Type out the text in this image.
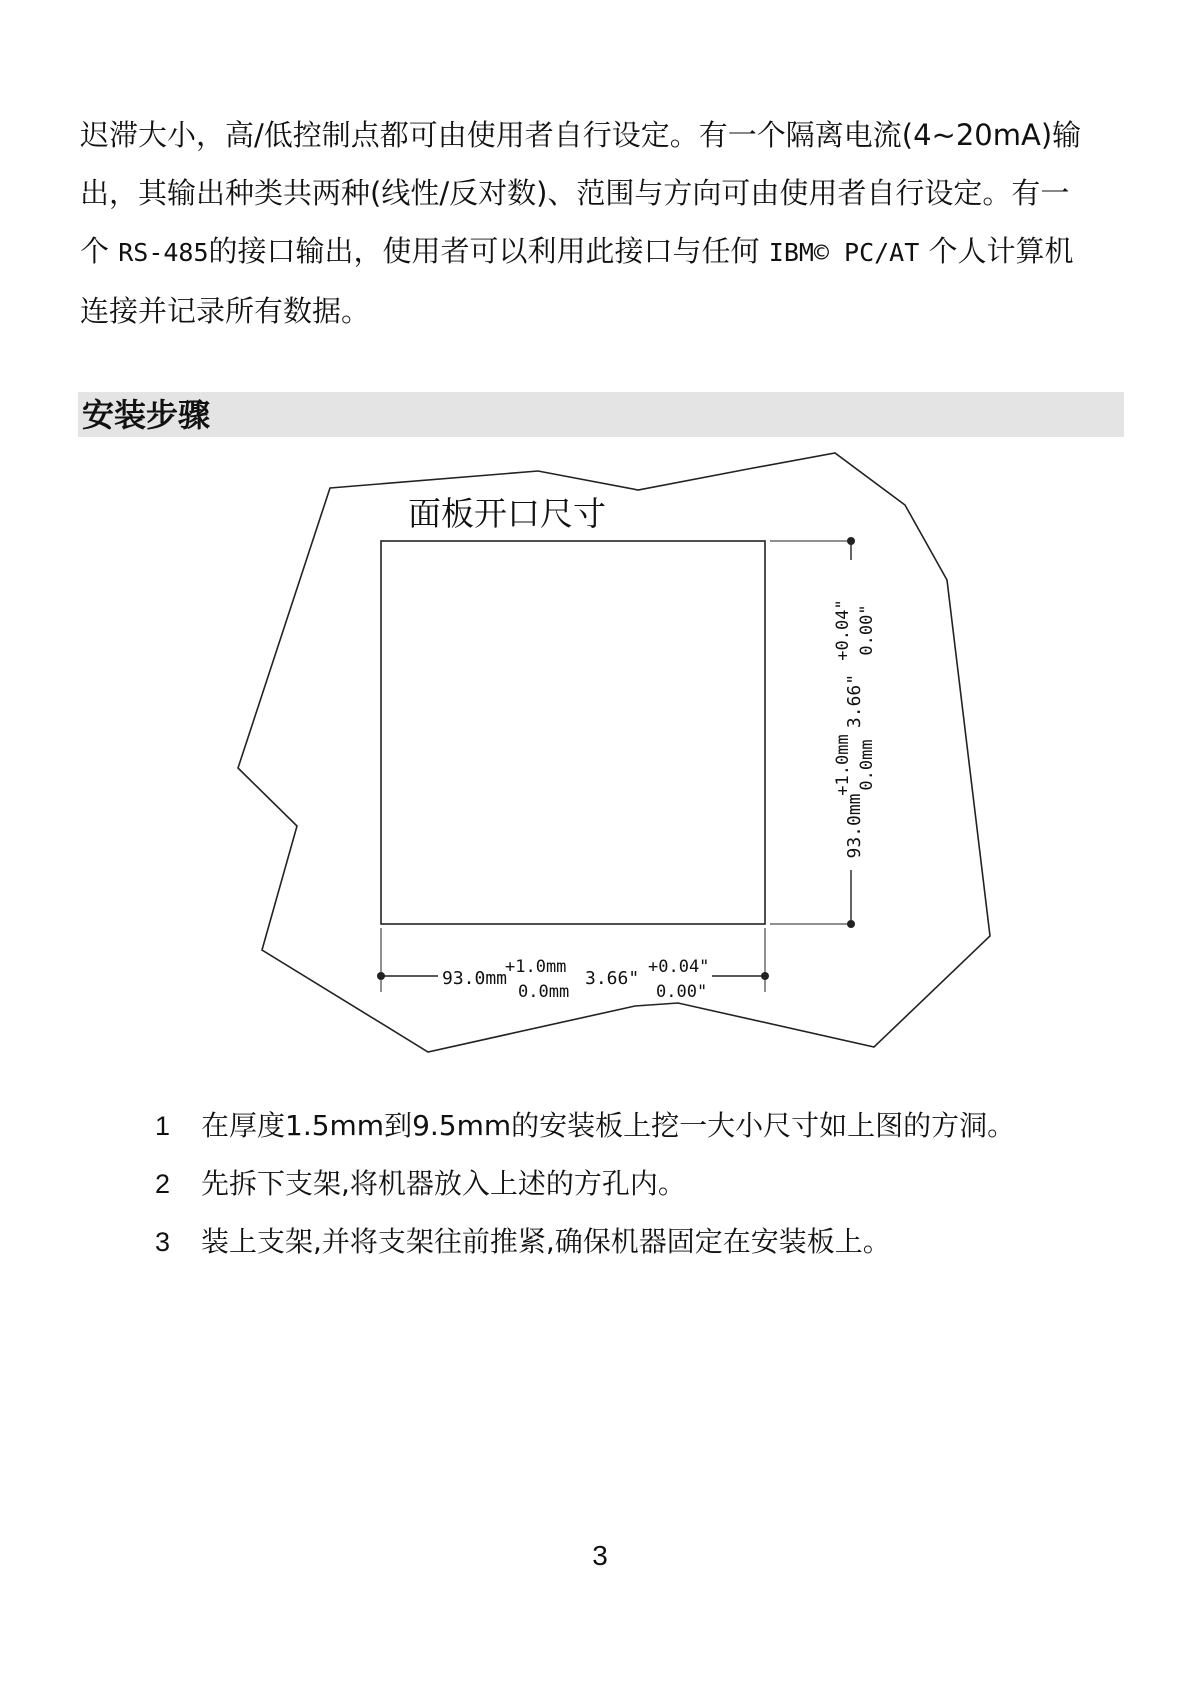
迟滞大小，高/低控制点都可由使用者自行设定。有一个隔离电流(4~20mA)输
出，其输出种类共两种(线性/反对数)、范围与方向可由使用者自行设定。有一
个 RS-485的接口输出，使用者可以利用此接口与任何 IBM© PC/AT 个人计算机
连接并记录所有数据。
安装步骤
面板开口尺寸
93.0mm
+1.0mm 0.0mm
3.66"
+0.04" 0.00"
93.0mm
+1.0mm
0.0mm
3.66"
+0.04"
0.00"
1 在厚度1.5mm到9.5mm的安装板上挖一大小尺寸如上图的方洞。
2 先拆下支架,将机器放入上述的方孔内。
3 装上支架,并将支架往前推紧,确保机器固定在安装板上。
3
